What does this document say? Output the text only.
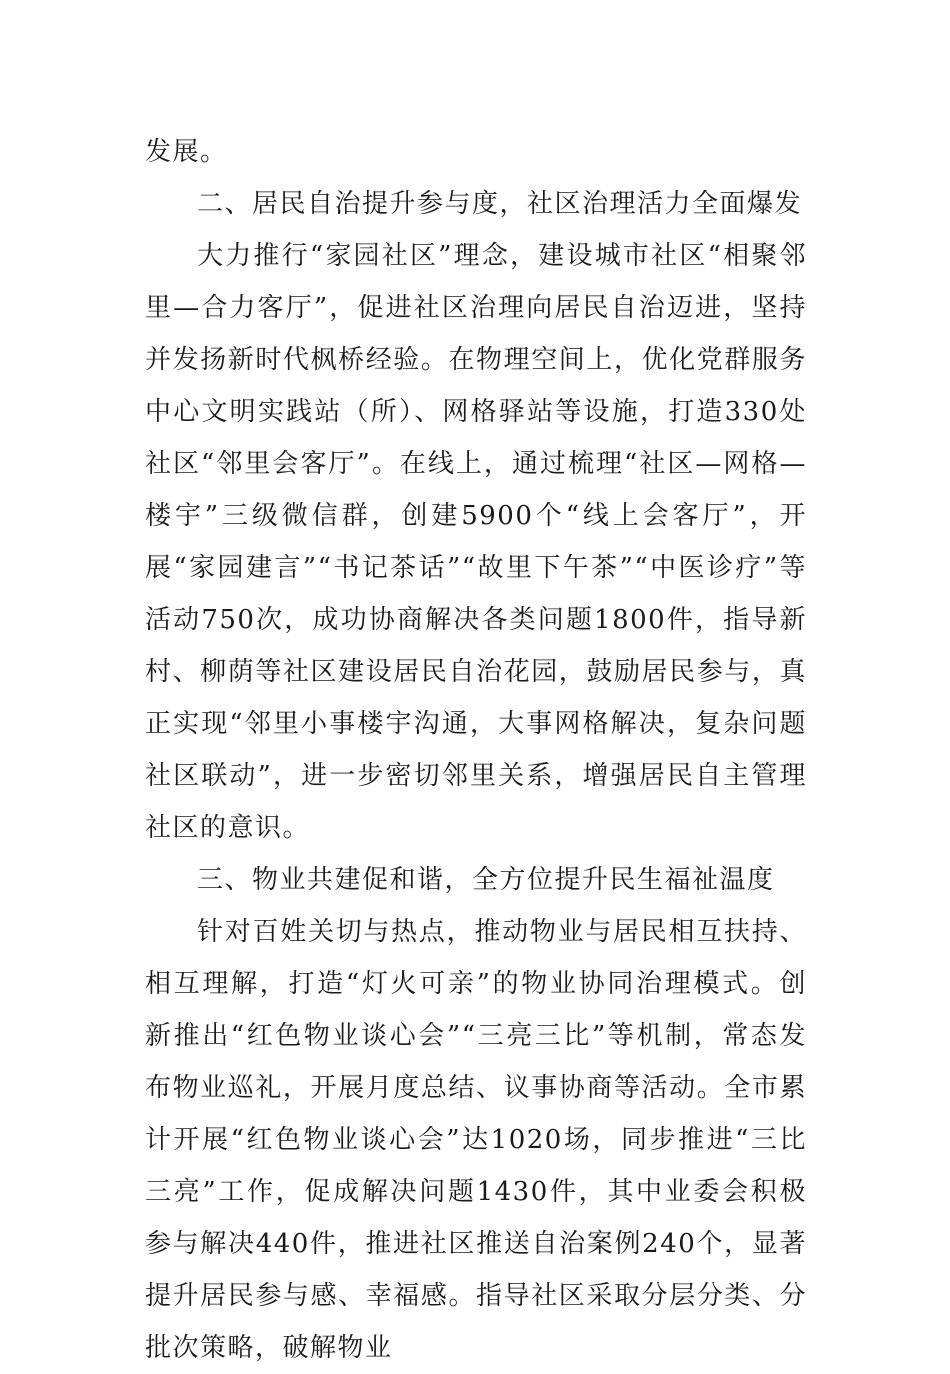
发展。

二、居民自治提升参与度，社区治理活力全面爆发

大力推行“家园社区”理念，建设城市社区“相聚邻里—合力客厅”，促进社区治理向居民自治迈进，坚持并发扬新时代枫桥经验。在物理空间上，优化党群服务中心文明实践站（所）、网格驿站等设施，打造330处社区“邻里会客厅”。在线上，通过梳理“社区—网格—楼宇”三级微信群，创建5900个“线上会客厅”，开展“家园建言”“书记茶话”“故里下午茶”“中医诊疗”等活动750次，成功协商解决各类问题1800件，指导新村、柳荫等社区建设居民自治花园，鼓励居民参与，真正实现“邻里小事楼宇沟通，大事网格解决，复杂问题社区联动”，进一步密切邻里关系，增强居民自主管理社区的意识。

三、物业共建促和谐，全方位提升民生福祉温度

针对百姓关切与热点，推动物业与居民相互扶持、相互理解，打造“灯火可亲”的物业协同治理模式。创新推出“红色物业谈心会”“三亮三比”等机制，常态发布物业巡礼，开展月度总结、议事协商等活动。全市累计开展“红色物业谈心会”达1020场，同步推进“三比三亮”工作，促成解决问题1430件，其中业委会积极参与解决440件，推进社区推送自治案例240个，显著提升居民参与感、幸福感。指导社区采取分层分类、分批次策略，破解物业
